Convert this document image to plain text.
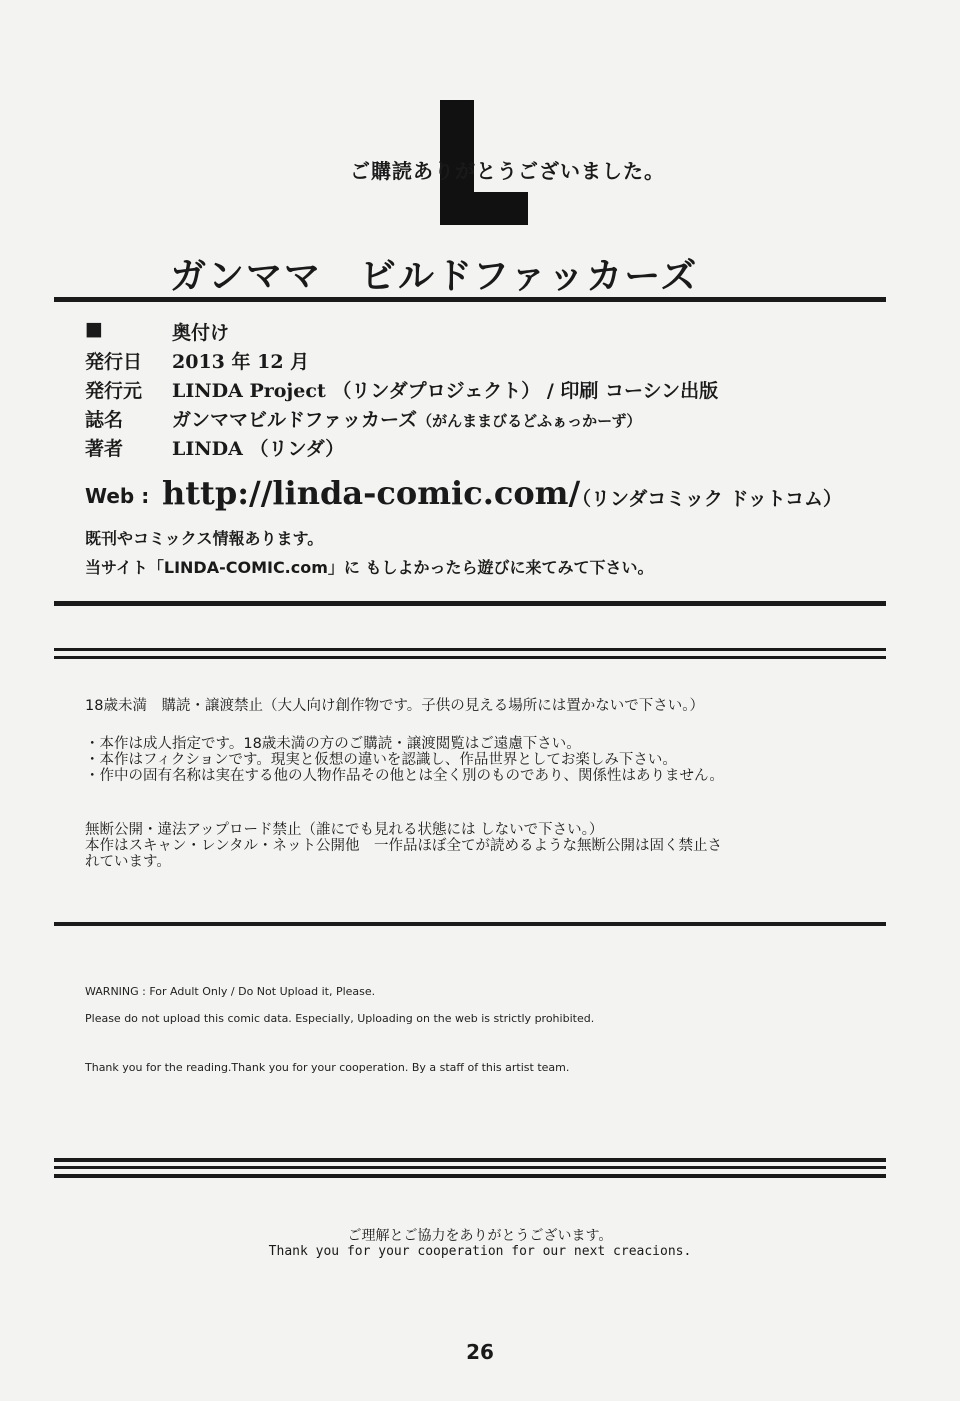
ご購読ありがとうございました。
ガンママ　ビルドファッカーズ
■	奥付け
発行日 2013 年 12 月
発行元 LINDA Project （リンダプロジェクト） / 印刷 コーシン出版
誌名	ガンママビルドファッカーズ（がんままびるどふぁっかーず）
著者	LINDA （リンダ）
Web : http://linda-comic.com/
（リンダコミック ドットコム）
既刊やコミックス情報あります。
当サイト「LINDA-COMIC.com」に もしよかったら遊びに来てみて下さい。
18歳未満　購読・譲渡禁止（大人向け創作物です。子供の見える場所には置かないで下さい。）
・本作は成人指定です。18歳未満の方のご購読・譲渡閲覧はご遠慮下さい。
・本作はフィクションです。現実と仮想の違いを認識し、作品世界としてお楽しみ下さい。
・作中の固有名称は実在する他の人物作品その他とは全く別のものであり、関係性はありません。
無断公開・違法アップロード禁止（誰にでも見れる状態には しないで下さい。）
本作はスキャン・レンタル・ネット公開他　一作品ほぼ全てが読めるような無断公開は固く禁止さ
れています。
WARNING : For Adult Only / Do Not Upload it, Please.
Please do not upload this comic data. Especially, Uploading on the web is strictly prohibited.
Thank you for the reading.Thank you for your cooperation. By a staff of this artist team.
ご理解とご協力をありがとうございます。
Thank you for your cooperation for our next creacions.
26
